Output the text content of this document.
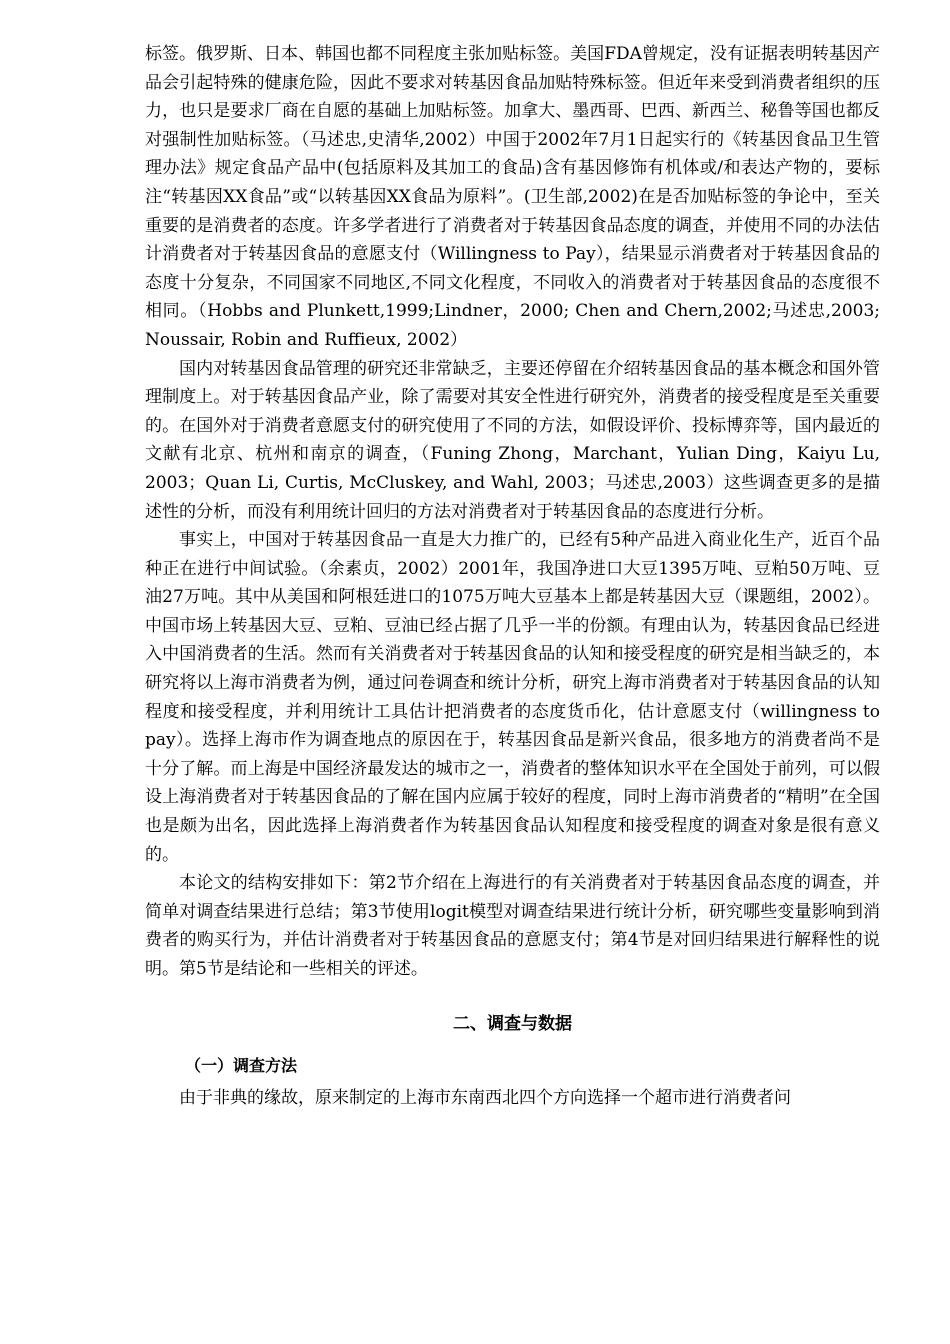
标签。俄罗斯、日本、韩国也都不同程度主张加贴标签。美国FDA曾规定，没有证据表明转基因产品会引起特殊的健康危险，因此不要求对转基因食品加贴特殊标签。但近年来受到消费者组织的压力，也只是要求厂商在自愿的基础上加贴标签。加拿大、墨西哥、巴西、新西兰、秘鲁等国也都反对强制性加贴标签。（马述忠,史清华,2002）中国于2002年7月1日起实行的《转基因食品卫生管理办法》规定食品产品中(包括原料及其加工的食品)含有基因修饰有机体或/和表达产物的，要标注“转基因XX食品”或“以转基因XX食品为原料”。(卫生部,2002)在是否加贴标签的争论中，至关重要的是消费者的态度。许多学者进行了消费者对于转基因食品态度的调查，并使用不同的办法估计消费者对于转基因食品的意愿支付（Willingness to Pay），结果显示消费者对于转基因食品的态度十分复杂，不同国家不同地区,不同文化程度，不同收入的消费者对于转基因食品的态度很不相同。（Hobbs and Plunkett,1999;Lindner，2000; Chen and Chern,2002;马述忠,2003; Noussair, Robin and Ruffieux, 2002）

国内对转基因食品管理的研究还非常缺乏，主要还停留在介绍转基因食品的基本概念和国外管理制度上。对于转基因食品产业，除了需要对其安全性进行研究外，消费者的接受程度是至关重要的。在国外对于消费者意愿支付的研究使用了不同的方法，如假设评价、投标博弈等，国内最近的文献有北京、杭州和南京的调查，（Funing Zhong，Marchant，Yulian Ding，Kaiyu Lu, 2003；Quan Li, Curtis, McCluskey, and Wahl, 2003；马述忠,2003）这些调查更多的是描述性的分析，而没有利用统计回归的方法对消费者对于转基因食品的态度进行分析。

事实上，中国对于转基因食品一直是大力推广的，已经有5种产品进入商业化生产，近百个品种正在进行中间试验。（余素贞，2002）2001年，我国净进口大豆1395万吨、豆粕50万吨、豆油27万吨。其中从美国和阿根廷进口的1075万吨大豆基本上都是转基因大豆（课题组，2002）。中国市场上转基因大豆、豆粕、豆油已经占据了几乎一半的份额。有理由认为，转基因食品已经进入中国消费者的生活。然而有关消费者对于转基因食品的认知和接受程度的研究是相当缺乏的，本研究将以上海市消费者为例，通过问卷调查和统计分析，研究上海市消费者对于转基因食品的认知程度和接受程度，并利用统计工具估计把消费者的态度货币化，估计意愿支付（willingness to pay）。选择上海市作为调查地点的原因在于，转基因食品是新兴食品，很多地方的消费者尚不是十分了解。而上海是中国经济最发达的城市之一，消费者的整体知识水平在全国处于前列，可以假设上海消费者对于转基因食品的了解在国内应属于较好的程度，同时上海市消费者的“精明”在全国也是颇为出名，因此选择上海消费者作为转基因食品认知程度和接受程度的调查对象是很有意义的。

本论文的结构安排如下：第2节介绍在上海进行的有关消费者对于转基因食品态度的调查，并简单对调查结果进行总结；第3节使用logit模型对调查结果进行统计分析，研究哪些变量影响到消费者的购买行为，并估计消费者对于转基因食品的意愿支付；第4节是对回归结果进行解释性的说明。第5节是结论和一些相关的评述。

二、调查与数据
（一）调查方法

由于非典的缘故，原来制定的上海市东南西北四个方向选择一个超市进行消费者问
